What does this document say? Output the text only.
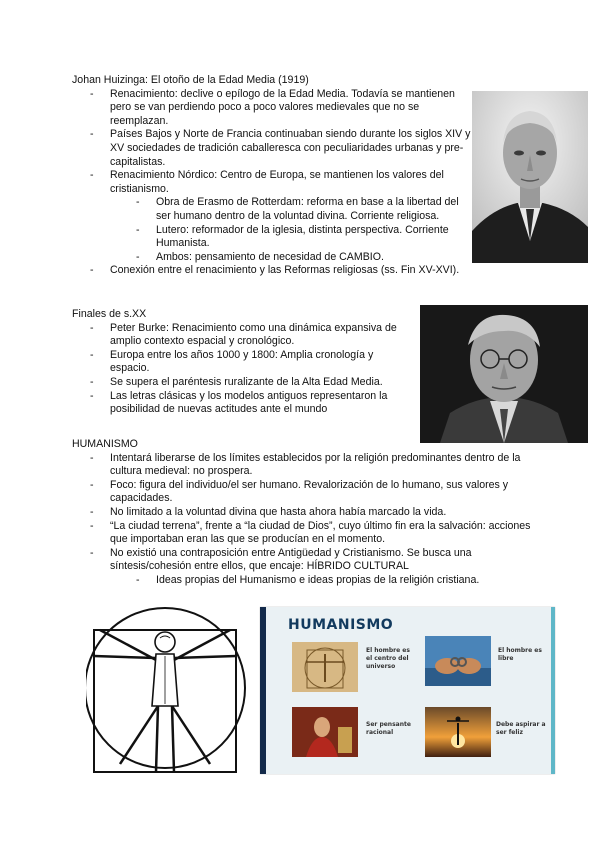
Johan Huizinga: El otoño de la Edad Media (1919)

- Renacimiento: declive o epílogo de la Edad Media. Todavía se mantienen pero se van perdiendo poco a poco valores medievales que no se reemplazan.
- Países Bajos y Norte de Francia continuaban siendo durante los siglos XIV y XV sociedades de tradición caballeresca con peculiaridades urbanas y pre-capitalistas.
- Renacimiento Nórdico: Centro de Europa, se mantienen los valores del cristianismo.
- Obra de Erasmo de Rotterdam: reforma en base a la libertad del ser humano dentro de la voluntad divina. Corriente religiosa.
- Lutero: reformador de la iglesia, distinta perspectiva. Corriente Humanista.
- Ambos: pensamiento de necesidad de CAMBIO.
- Conexión entre el renacimiento y las Reformas religiosas (ss. Fin XV-XVI).

Finales de s.XX

- Peter Burke: Renacimiento como una dinámica expansiva de amplio contexto espacial y cronológico.
- Europa entre los años 1000 y 1800: Amplia cronología y espacio.
- Se supera el paréntesis ruralizante de la Alta Edad Media.
- Las letras clásicas y los modelos antiguos representaron la posibilidad de nuevas actitudes ante el mundo

HUMANISMO

- Intentará liberarse de los límites establecidos por la religión predominantes dentro de la cultura medieval: no prospera.
- Foco: figura del individuo/el ser humano. Revalorización de lo humano, sus valores y capacidades.
- No limitado a la voluntad divina que hasta ahora había marcado la vida.
- “La ciudad terrena”, frente a “la ciudad de Dios”, cuyo último fin era la salvación: acciones que importaban eran las que se producían en el momento.
- No existió una contraposición entre Antigüedad y Cristianismo. Se busca una síntesis/cohesión entre ellos, que encaje: HÍBRIDO CULTURAL
- Ideas propias del Humanismo e ideas propias de la religión cristiana.
HUMANISMO
El hombre es el centro del universo
El hombre es libre
Ser pensante racional
Debe aspirar a ser feliz
